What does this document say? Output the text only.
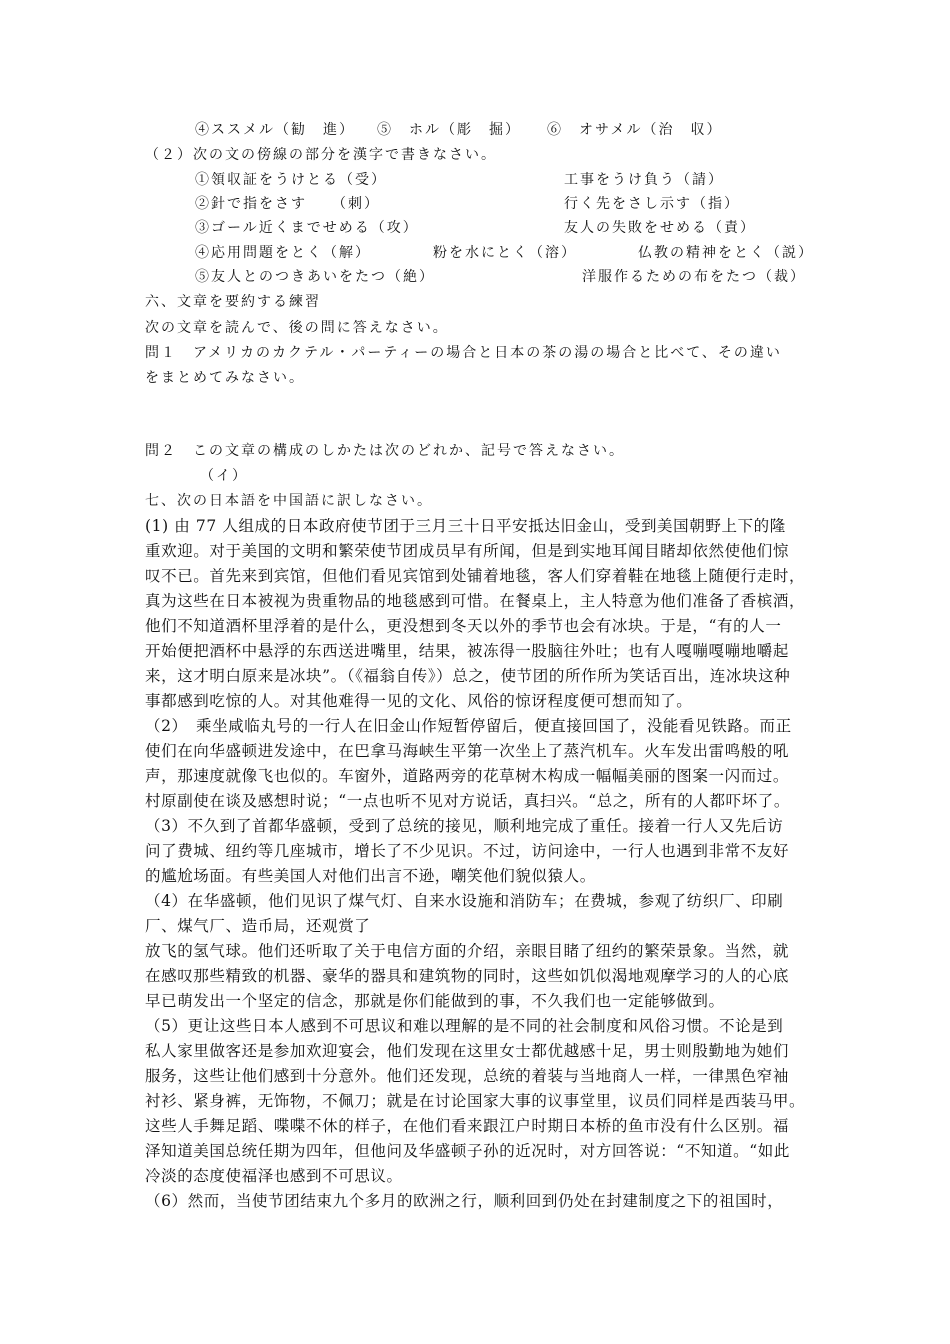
④ススメル（勧　進） ⑤　ホル（彫　掘） ⑥　オサメル（治　収）
（２）次の文の傍線の部分を漢字で書きなさい。
①領収証をうけとる（受）	工事をうけ負う（請）
②針で指をさす　　（刺）	行く先をさし示す（指）
③ゴール近くまでせめる（攻）	友人の失敗をせめる（責）
④応用問題をとく（解）	粉を水にとく（溶）	仏教の精神をとく（説）
⑤友人とのつきあいをたつ（絶）	洋服作るための布をたつ（裁）
六、文章を要約する練習
次の文章を読んで、後の問に答えなさい。
問１　アメリカのカクテル・パーティーの場合と日本の茶の湯の場合と比べて、その違い
をまとめてみなさい。
問２　この文章の構成のしかたは次のどれか、記号で答えなさい。
（イ）
七、次の日本語を中国語に訳しなさい。
(1) 由 77 人组成的日本政府使节团于三月三十日平安抵达旧金山，受到美国朝野上下的隆
重欢迎。对于美国的文明和繁荣使节团成员早有所闻，但是到实地耳闻目睹却依然使他们惊
叹不已。首先来到宾馆，但他们看见宾馆到处铺着地毯，客人们穿着鞋在地毯上随便行走时，
真为这些在日本被视为贵重物品的地毯感到可惜。在餐桌上，主人特意为他们准备了香槟酒，
他们不知道酒杯里浮着的是什么，更没想到冬天以外的季节也会有冰块。于是，“有的人一
开始便把酒杯中悬浮的东西送进嘴里，结果，被冻得一股脑往外吐；也有人嘎嘣嘎嘣地嚼起
来，这才明白原来是冰块”。（《福翁自传》）总之，使节团的所作所为笑话百出，连冰块这种
事都感到吃惊的人。对其他难得一见的文化、风俗的惊讶程度便可想而知了。
（2）　乘坐咸临丸号的一行人在旧金山作短暂停留后，便直接回国了，没能看见铁路。而正
使们在向华盛顿进发途中，在巴拿马海峡生平第一次坐上了蒸汽机车。火车发出雷鸣般的吼
声，那速度就像飞也似的。车窗外，道路两旁的花草树木构成一幅幅美丽的图案一闪而过。
村原副使在谈及感想时说；“一点也听不见对方说话，真扫兴。“总之，所有的人都吓坏了。
（3）不久到了首都华盛顿，受到了总统的接见，顺利地完成了重任。接着一行人又先后访
问了费城、纽约等几座城市，增长了不少见识。不过，访问途中，一行人也遇到非常不友好
的尴尬场面。有些美国人对他们出言不逊，嘲笑他们貌似猿人。
（4）在华盛顿，他们见识了煤气灯、自来水设施和消防车；在费城，参观了纺织厂、印刷
厂、煤气厂、造币局，还观赏了
放飞的氢气球。他们还听取了关于电信方面的介绍，亲眼目睹了纽约的繁荣景象。当然，就
在感叹那些精致的机器、豪华的器具和建筑物的同时，这些如饥似渴地观摩学习的人的心底
早已萌发出一个坚定的信念，那就是你们能做到的事，不久我们也一定能够做到。
（5）更让这些日本人感到不可思议和难以理解的是不同的社会制度和风俗习惯。不论是到
私人家里做客还是参加欢迎宴会，他们发现在这里女士都优越感十足，男士则殷勤地为她们
服务，这些让他们感到十分意外。他们还发现，总统的着装与当地商人一样，一律黑色窄袖
衬衫、紧身裤，无饰物，不佩刀；就是在讨论国家大事的议事堂里，议员们同样是西装马甲。
这些人手舞足蹈、喋喋不休的样子，在他们看来跟江户时期日本桥的鱼市没有什么区别。福
泽知道美国总统任期为四年，但他问及华盛顿子孙的近况时，对方回答说：“不知道。“如此
冷淡的态度使福泽也感到不可思议。
（6）然而，当使节团结束九个多月的欧洲之行，顺利回到仍处在封建制度之下的祖国时，
